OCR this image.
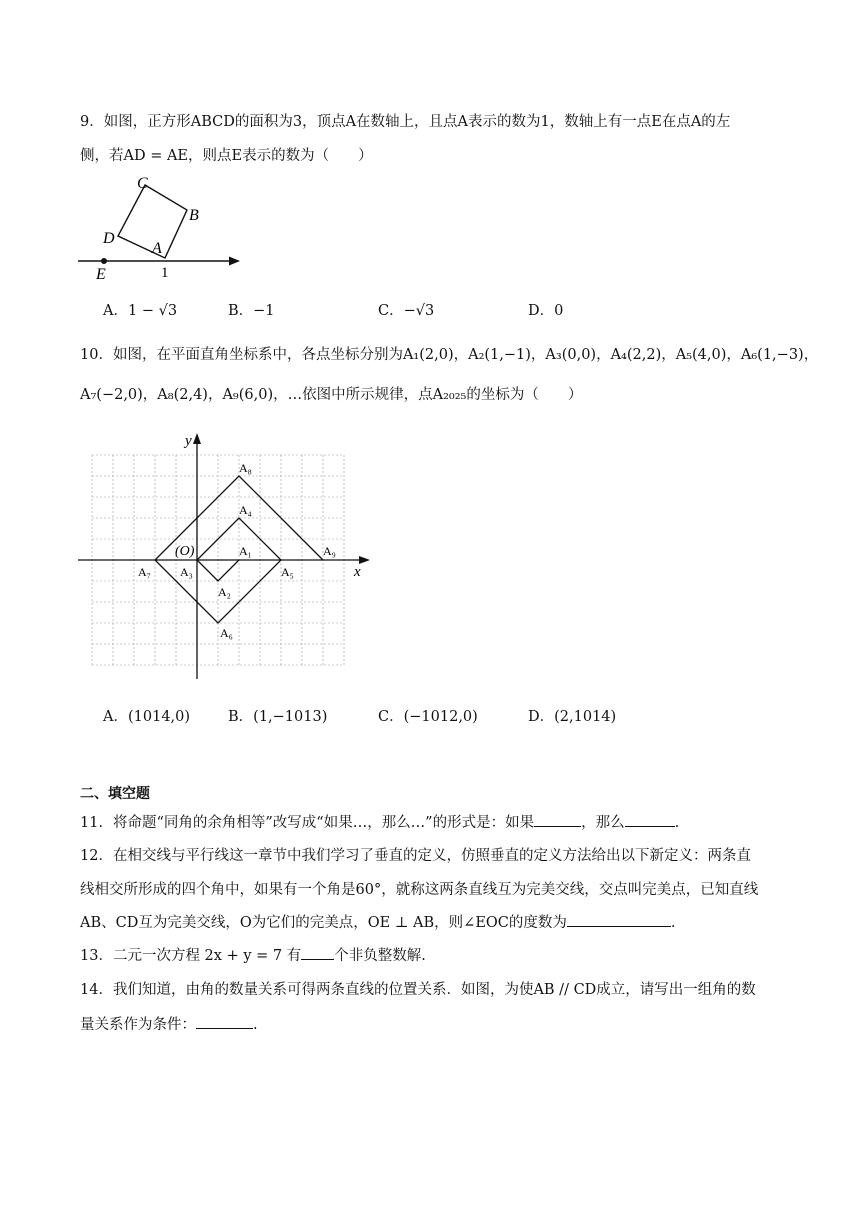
9．如图，正方形ABCD的面积为3，顶点A在数轴上，且点A表示的数为1，数轴上有一点E在点A的左
侧，若AD = AE，则点E表示的数为（　　）
C
B
D
A
E	1
A．1 − √3	B．−1	C．−√3	D．0
10．如图，在平面直角坐标系中，各点坐标分别为A₁(2,0)，A₂(1,−1)，A₃(0,0)，A₄(2,2)，A₅(4,0)，A₆(1,−3)，
A₇(−2,0)，A₈(2,4)，A₉(6,0)，…依图中所示规律，点A₂₀₂₅的坐标为（　　）
y
x
(O)	A₁
A₂
A₃
A₄
A₅
A₆
A₇
A₈
A₉
A．(1014,0)	B．(1,−1013)	C．(−1012,0)	D．(2,1014)
二、填空题
11．将命题“同角的余角相等”改写成“如果…，那么…”的形式是：如果	，那么	.
12．在相交线与平行线这一章节中我们学习了垂直的定义，仿照垂直的定义方法给出以下新定义：两条直
线相交所形成的四个角中，如果有一个角是60°，就称这两条直线互为完美交线，交点叫完美点，已知直线
AB、CD互为完美交线，O为它们的完美点，OE ⊥ AB，则∠EOC的度数为	.
13．二元一次方程 2x + y = 7 有 个非负整数解.
14．我们知道，由角的数量关系可得两条直线的位置关系．如图，为使AB // CD成立，请写出一组角的数
量关系作为条件：	.
